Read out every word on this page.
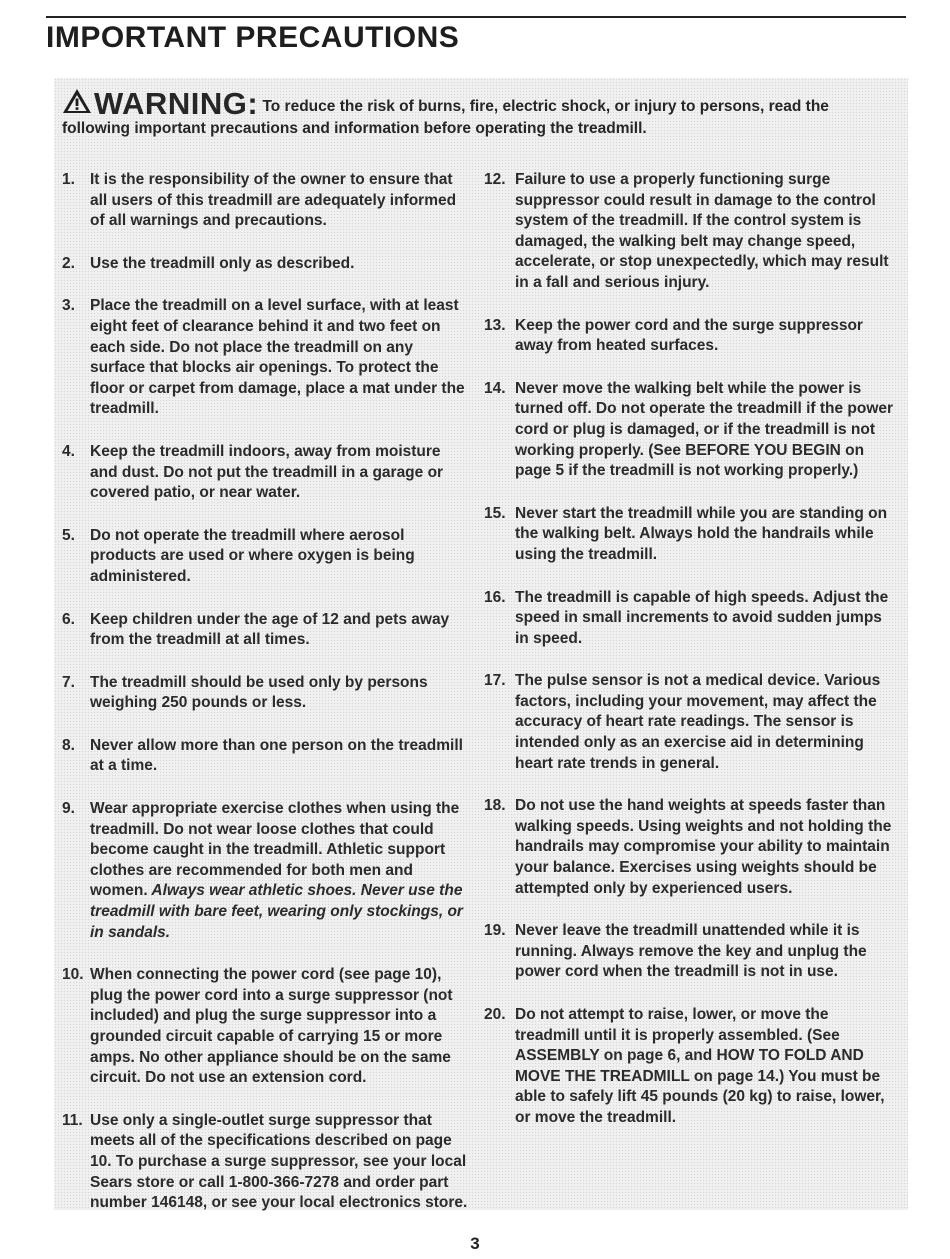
IMPORTANT PRECAUTIONS
WARNING: To reduce the risk of burns, fire, electric shock, or injury to persons, read the following important precautions and information before operating the treadmill.
1. It is the responsibility of the owner to ensure that all users of this treadmill are adequately informed of all warnings and precautions.
2. Use the treadmill only as described.
3. Place the treadmill on a level surface, with at least eight feet of clearance behind it and two feet on each side. Do not place the treadmill on any surface that blocks air openings. To protect the floor or carpet from damage, place a mat under the treadmill.
4. Keep the treadmill indoors, away from moisture and dust. Do not put the treadmill in a garage or covered patio, or near water.
5. Do not operate the treadmill where aerosol products are used or where oxygen is being administered.
6. Keep children under the age of 12 and pets away from the treadmill at all times.
7. The treadmill should be used only by persons weighing 250 pounds or less.
8. Never allow more than one person on the treadmill at a time.
9. Wear appropriate exercise clothes when using the treadmill. Do not wear loose clothes that could become caught in the treadmill. Athletic support clothes are recommended for both men and women. Always wear athletic shoes. Never use the treadmill with bare feet, wearing only stockings, or in sandals.
10. When connecting the power cord (see page 10), plug the power cord into a surge suppressor (not included) and plug the surge suppressor into a grounded circuit capable of carrying 15 or more amps. No other appliance should be on the same circuit. Do not use an extension cord.
11. Use only a single-outlet surge suppressor that meets all of the specifications described on page 10. To purchase a surge suppressor, see your local Sears store or call 1-800-366-7278 and order part number 146148, or see your local electronics store.
12. Failure to use a properly functioning surge suppressor could result in damage to the control system of the treadmill. If the control system is damaged, the walking belt may change speed, accelerate, or stop unexpectedly, which may result in a fall and serious injury.
13. Keep the power cord and the surge suppressor away from heated surfaces.
14. Never move the walking belt while the power is turned off. Do not operate the treadmill if the power cord or plug is damaged, or if the treadmill is not working properly. (See BEFORE YOU BEGIN on page 5 if the treadmill is not working properly.)
15. Never start the treadmill while you are standing on the walking belt. Always hold the handrails while using the treadmill.
16. The treadmill is capable of high speeds. Adjust the speed in small increments to avoid sudden jumps in speed.
17. The pulse sensor is not a medical device. Various factors, including your movement, may affect the accuracy of heart rate readings. The sensor is intended only as an exercise aid in determining heart rate trends in general.
18. Do not use the hand weights at speeds faster than walking speeds. Using weights and not holding the handrails may compromise your ability to maintain your balance. Exercises using weights should be attempted only by experienced users.
19. Never leave the treadmill unattended while it is running. Always remove the key and unplug the power cord when the treadmill is not in use.
20. Do not attempt to raise, lower, or move the treadmill until it is properly assembled. (See ASSEMBLY on page 6, and HOW TO FOLD AND MOVE THE TREADMILL on page 14.) You must be able to safely lift 45 pounds (20 kg) to raise, lower, or move the treadmill.
3
